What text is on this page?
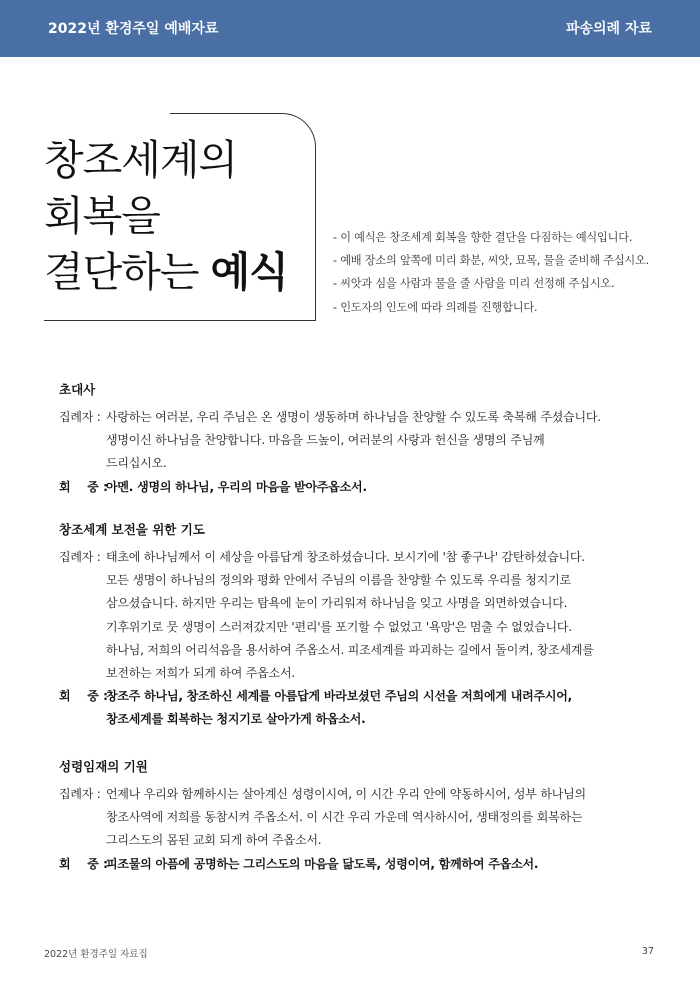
2022년 환경주일 예배자료	파송의례 자료
창조세계의
회복을
결단하는 예식
- 이 예식은 창조세계 회복을 향한 결단을 다짐하는 예식입니다.
- 예배 장소의 앞쪽에 미리 화분, 씨앗, 묘목, 물을 준비해 주십시오.
- 씨앗과 심을 사람과 물을 줄 사람을 미리 선정해 주십시오.
- 인도자의 인도에 따라 의례를 진행합니다.
초대사
집례자 : 사랑하는 여러분, 우리 주님은 온 생명이 생동하며 하나님을 찬양할 수 있도록 축복해 주셨습니다.
생명이신 하나님을 찬양합니다. 마음을 드높이, 여러분의 사랑과 헌신을 생명의 주님께
드리십시오.
회    중 :
아멘. 생명의 하나님, 우리의 마음을 받아주옵소서.
창조세계 보전을 위한 기도
집례자 : 태초에 하나님께서 이 세상을 아름답게 창조하셨습니다. 보시기에 '참 좋구나' 감탄하셨습니다.
모든 생명이 하나님의 정의와 평화 안에서 주님의 이름을 찬양할 수 있도록 우리를 청지기로
삼으셨습니다. 하지만 우리는 탐욕에 눈이 가리워져 하나님을 잊고 사명을 외면하였습니다.
기후위기로 뭇 생명이 스러져갔지만 '편리'를 포기할 수 없었고 '욕망'은 멈출 수 없었습니다.
하나님, 저희의 어리석음을 용서하여 주옵소서. 피조세계를 파괴하는 길에서 돌이켜, 창조세계를
보전하는 저희가 되게 하여 주옵소서.
회    중 :
창조주 하나님, 창조하신 세계를 아름답게 바라보셨던 주님의 시선을 저희에게 내려주시어,
창조세계를 회복하는 청지기로 살아가게 하옵소서.
성령임재의 기원
집례자 : 언제나 우리와 함께하시는 살아계신 성령이시여, 이 시간 우리 안에 약동하시어, 성부 하나님의
창조사역에 저희를 동참시켜 주옵소서. 이 시간 우리 가운데 역사하시어, 생태정의를 회복하는
그리스도의 몸된 교회 되게 하여 주옵소서.
회    중 :
피조물의 아픔에 공명하는 그리스도의 마음을 닮도록, 성령이여, 함께하여 주옵소서.
2022년 환경주일 자료집	37
